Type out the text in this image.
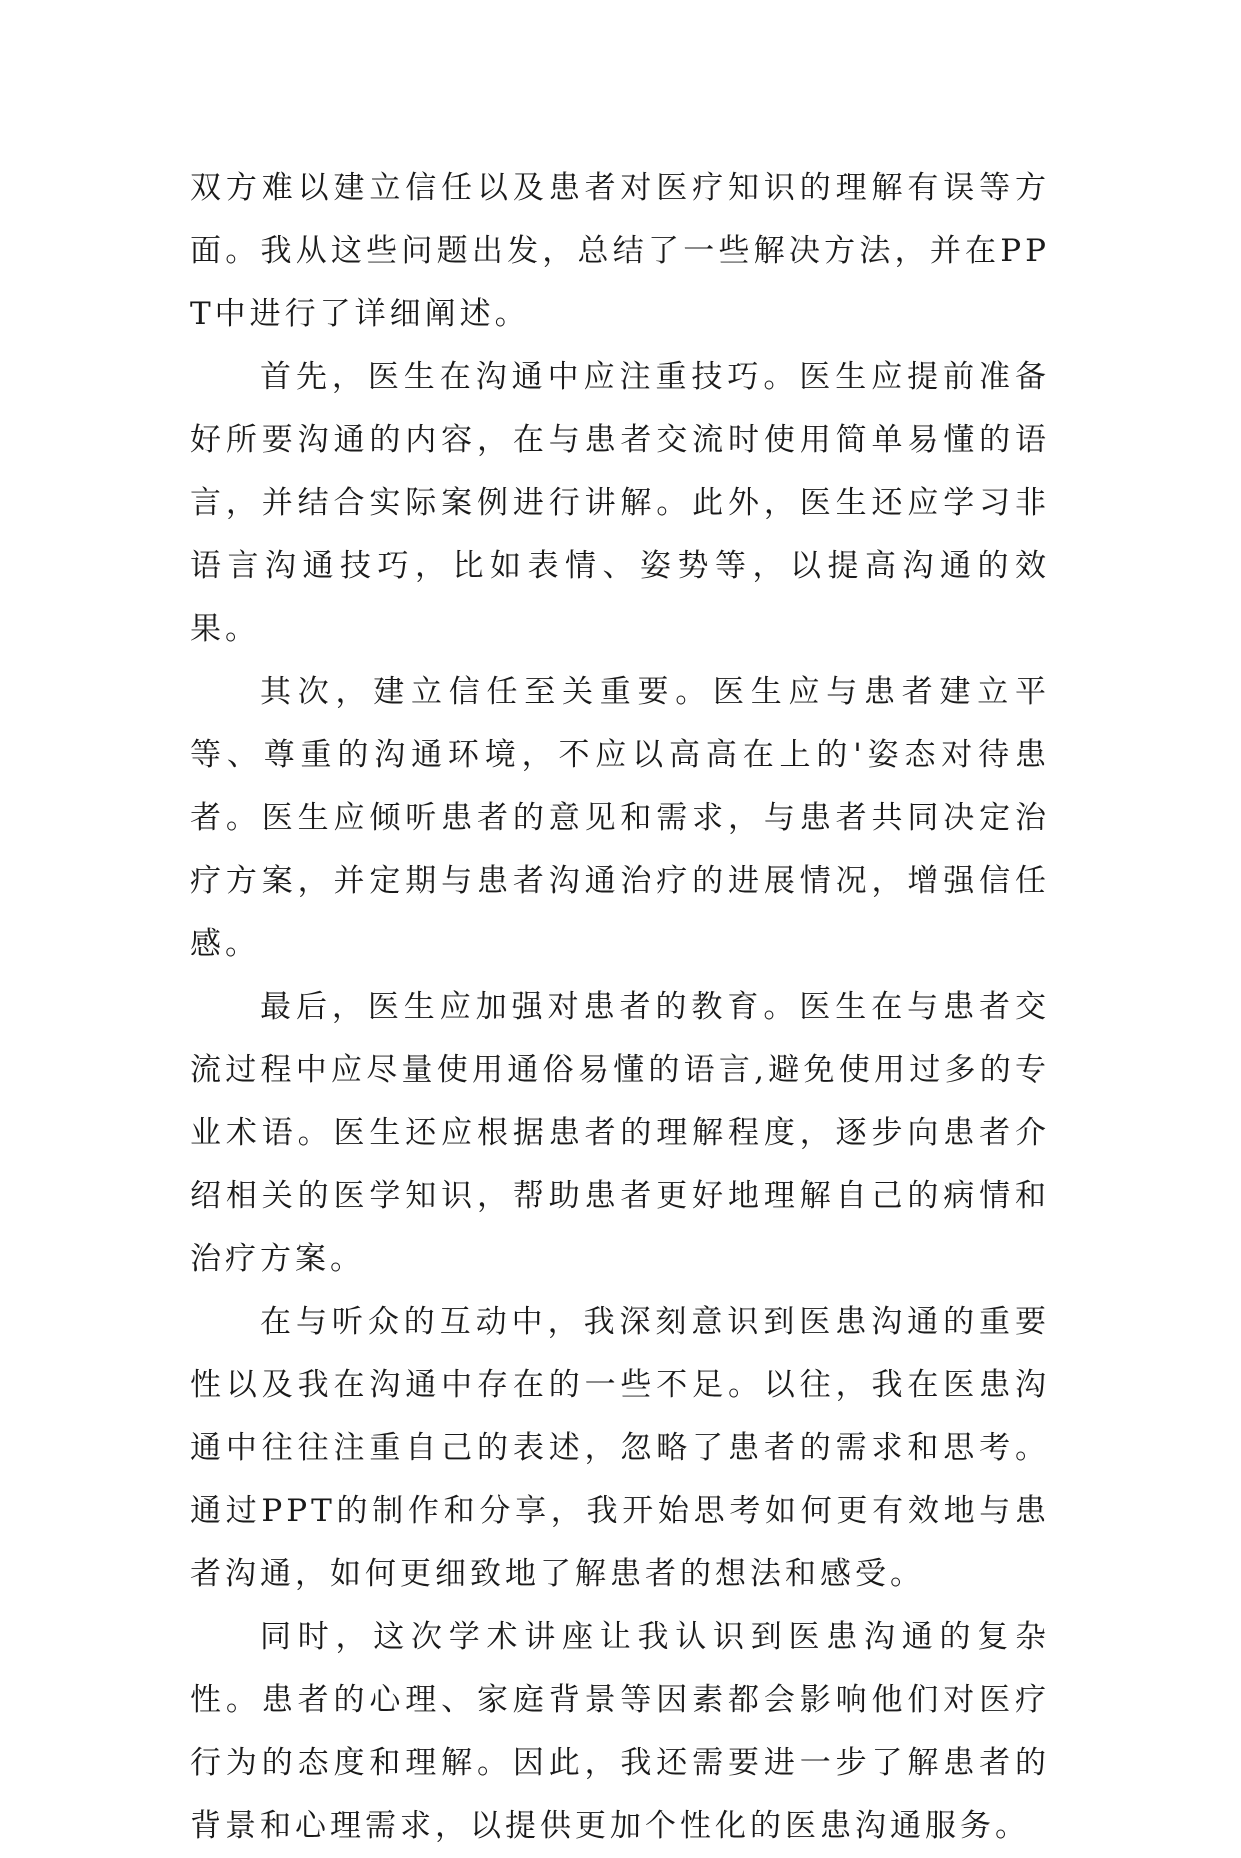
双方难以建立信任以及患者对医疗知识的理解有误等方面。我从这些问题出发，总结了一些解决方法，并在PPT中进行了详细阐述。

首先，医生在沟通中应注重技巧。医生应提前准备好所要沟通的内容，在与患者交流时使用简单易懂的语言，并结合实际案例进行讲解。此外，医生还应学习非语言沟通技巧，比如表情、姿势等，以提高沟通的效果。

其次，建立信任至关重要。医生应与患者建立平等、尊重的沟通环境，不应以高高在上的'姿态对待患者。医生应倾听患者的意见和需求，与患者共同决定治疗方案，并定期与患者沟通治疗的进展情况，增强信任感。

最后，医生应加强对患者的教育。医生在与患者交流过程中应尽量使用通俗易懂的语言,避免使用过多的专业术语。医生还应根据患者的理解程度，逐步向患者介绍相关的医学知识，帮助患者更好地理解自己的病情和治疗方案。

在与听众的互动中，我深刻意识到医患沟通的重要性以及我在沟通中存在的一些不足。以往，我在医患沟通中往往注重自己的表述，忽略了患者的需求和思考。通过PPT的制作和分享，我开始思考如何更有效地与患者沟通，如何更细致地了解患者的想法和感受。

同时，这次学术讲座让我认识到医患沟通的复杂性。患者的心理、家庭背景等因素都会影响他们对医疗行为的态度和理解。因此，我还需要进一步了解患者的背景和心理需求，以提供更加个性化的医患沟通服务。
